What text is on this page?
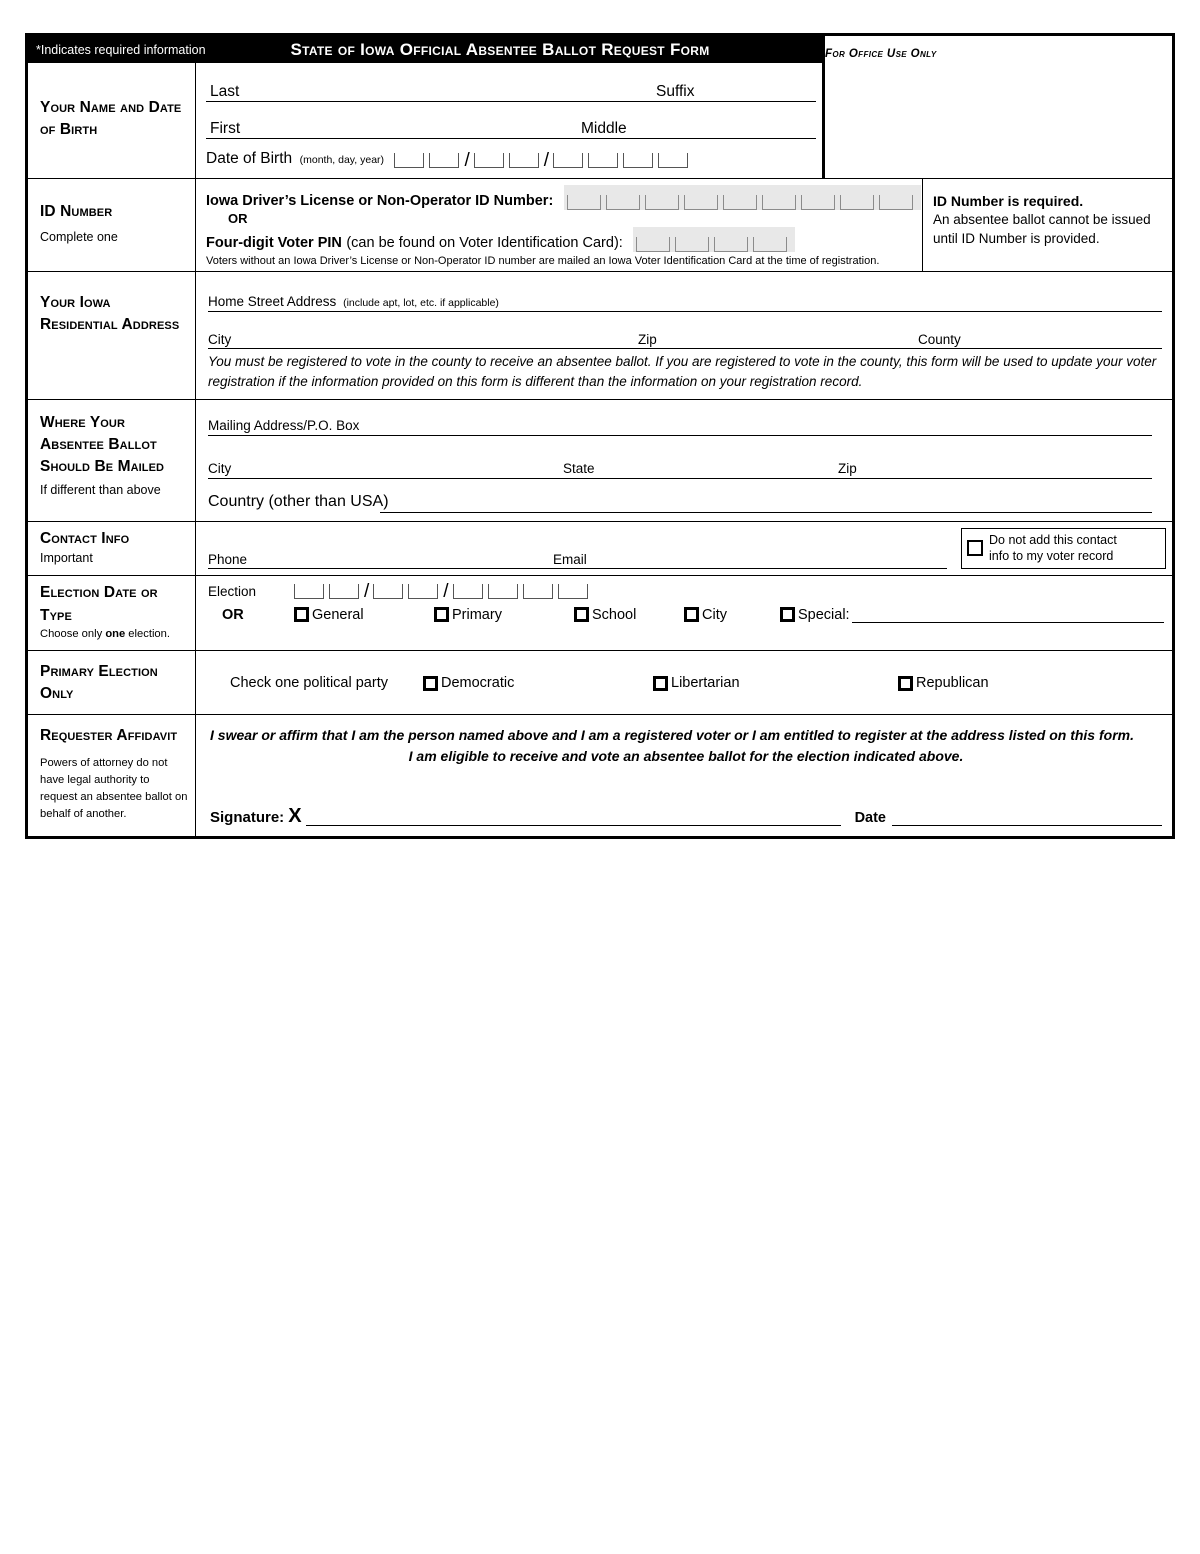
*Indicates required information	State of Iowa Official Absentee Ballot Request Form
Your Name and Date of Birth
Last	Suffix
First	Middle
Date of Birth (month, day, year)	/	/
For Office Use Only
ID Number
Complete one
Iowa Driver’s License or Non-Operator ID Number:
OR
Four-digit Voter PIN (can be found on Voter Identification Card):
Voters without an Iowa Driver’s License or Non-Operator ID number are mailed an Iowa Voter Identification Card at the time of registration.
ID Number is required.
An absentee ballot cannot be issued until ID Number is provided.
Your Iowa Residential Address
Home Street Address (include apt, lot, etc. if applicable)
City	Zip	County
You must be registered to vote in the county to receive an absentee ballot. If you are registered to vote in the county, this form will be used to update your voter registration if the information provided on this form is different than the information on your registration record.
Where Your Absentee Ballot Should Be Mailed
If different than above
Mailing Address/P.O. Box
City	State	Zip
Country (other than USA)
Contact Info
Important	Phone	Email
Do not add this contact
info to my voter record
Election Date or Type
Choose only one election.
Election	/	/
OR	General	Primary	School	City	Special:
Primary Election Only
Check one political party	Democratic	Libertarian	Republican
Requester Affidavit
Powers of attorney do not have legal authority to request an absentee ballot on behalf of another.
I swear or affirm that I am the person named above and I am a registered voter or I am entitled to register at the address listed on this form.
I am eligible to receive and vote an absentee ballot for the election indicated above.
Signature: X	Date
